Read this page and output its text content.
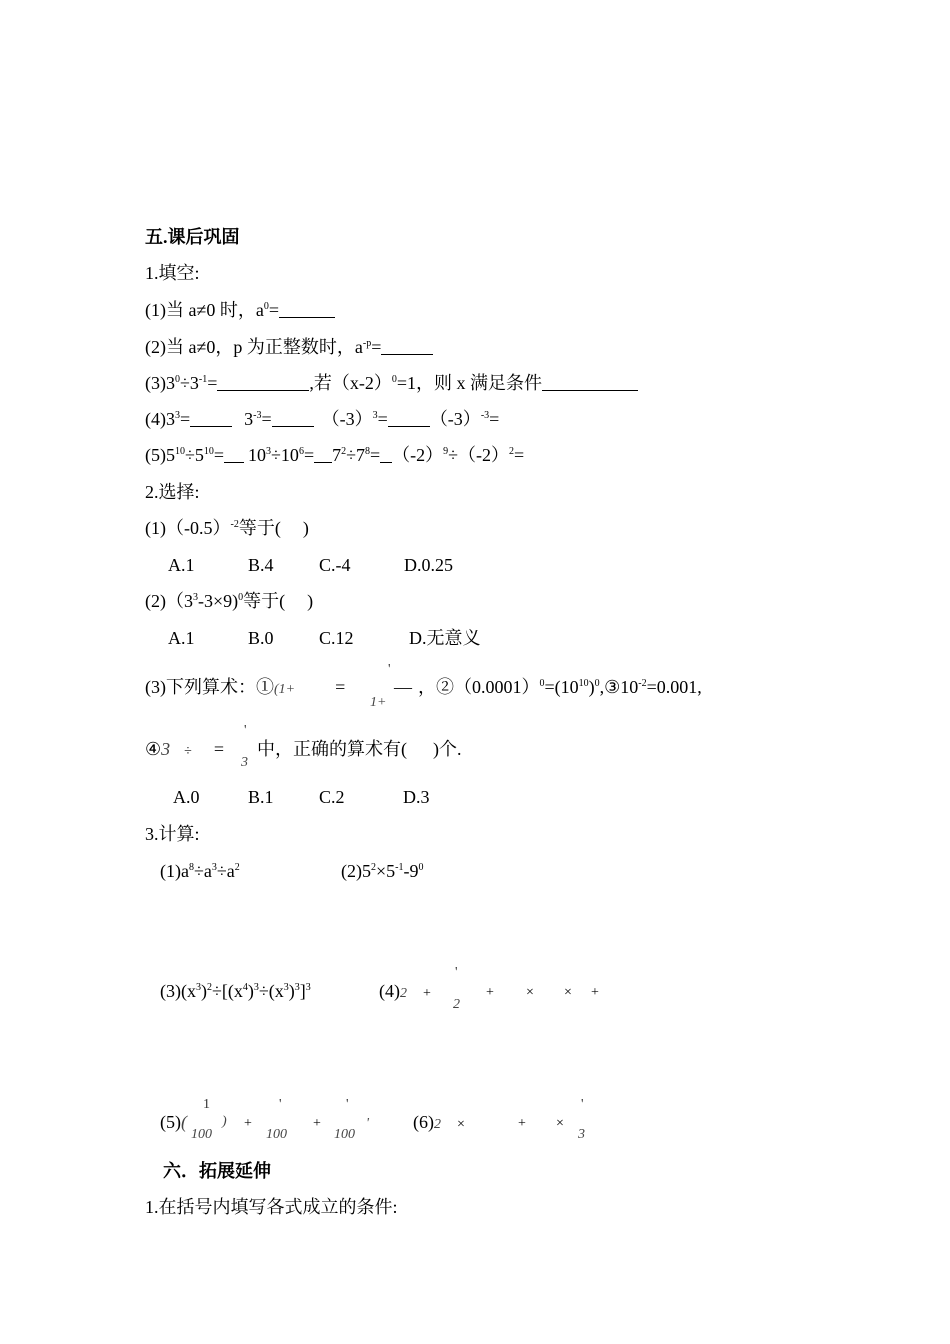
五.课后巩固
1.填空:
(1)当 a≠0 时，$a^0=$
(2)当 a≠0，p 为正整数时，$a^{-p}=$
$(3)3^0\div 3^{-1}=$	,若$(x-2)^0=1$，则 x 满足条件
$(4)3^3=$	$3^{-3}=$	$(-3)^3= (-3)^{-3}=$
$(5)5^{10}\div 5^{10}= 10^3\div 10^6= 7^2\div 7^8= (-2)^9\div(-2)^2=$
2.选择:
$(1)(-0.5)^{-2}$等于( )
A.1	B.4	C.-4	D.0.25
$(2)(3^3-3\times 9)^0$等于( )
A.1	B.0	C.12	D.无意义
(3)下列算术：①(1+ =
'
1+
— ，$②(0.0001)^0=(10^{10})^0,③10^{-2}=0.001$,
④3 ÷ =
'
3
中，正确的算术有( )个.
A.0	B.1	C.2	D.3
3.计算:
$(1)a^8\div a^3\div a^2$	$(2)5^2\times 5^{-1}-9^0$
$(3)(x^3)^2\div[(x^4)^3\div(x^3)^3]^3$	(4)2 +
'
2
+ × × +
(5)(
1
100
) +
'
100
+
'
100
' (6)2 ×	+ ×
'
3
六．拓展延伸
1.在括号内填写各式成立的条件:
